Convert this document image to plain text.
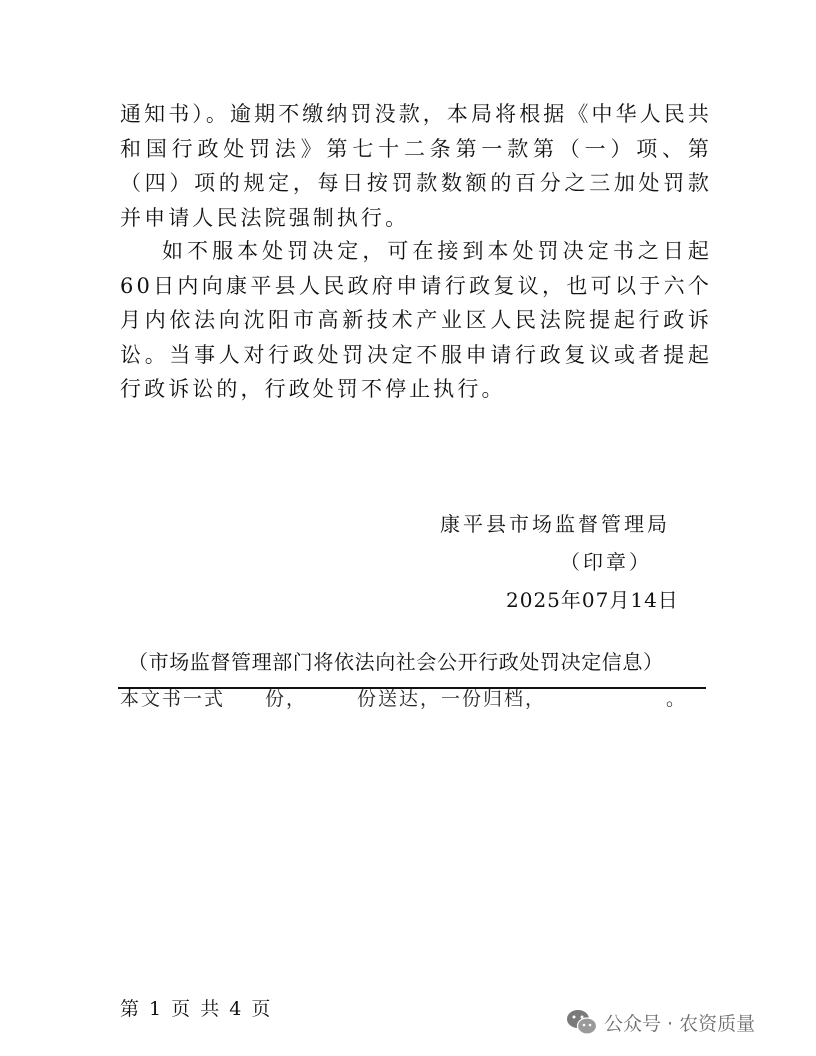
通知书）。逾期不缴纳罚没款，本局将根据《中华人民共和国行政处罚法》第七十二条第一款第（一）项、第（四）项的规定，每日按罚款数额的百分之三加处罚款并申请人民法院强制执行。

如不服本处罚决定，可在接到本处罚决定书之日起60日内向康平县人民政府申请行政复议，也可以于六个月内依法向沈阳市高新技术产业区人民法院提起行政诉讼。当事人对行政处罚决定不服申请行政复议或者提起行政诉讼的，行政处罚不停止执行。

康平县市场监督管理局
（印章）
2025年07月14日
（市场监督管理部门将依法向社会公开行政处罚决定信息）
本文书一式 份，	份送达，一份归档，	。
第 1 页 共 4 页
公众号 · 农资质量
